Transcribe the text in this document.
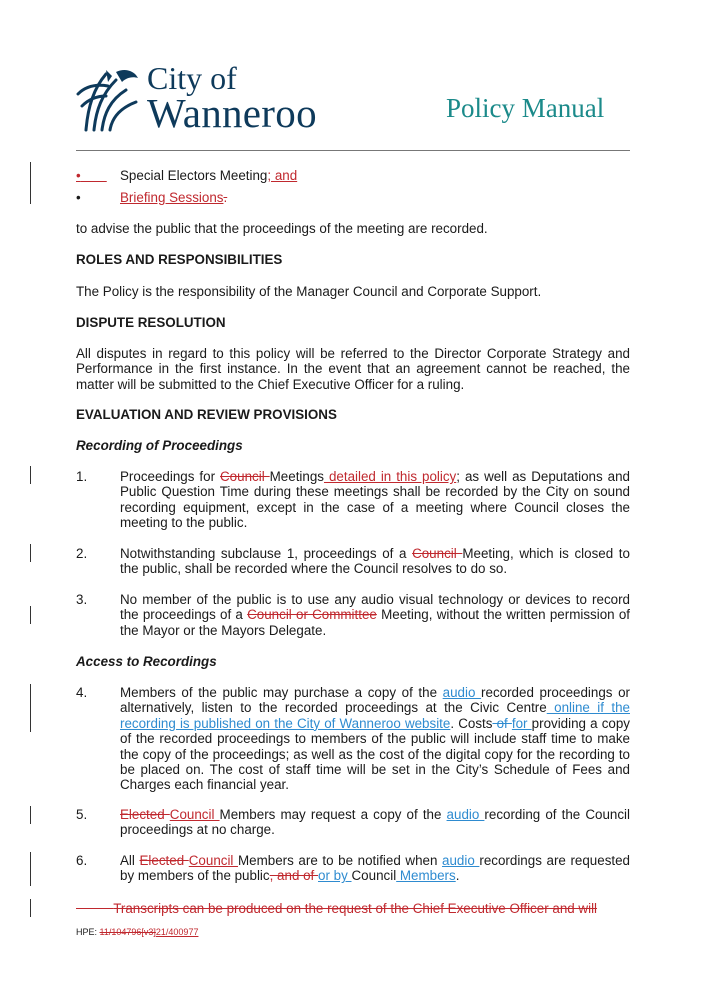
City of
Wanneroo	Policy Manual
•	Special Electors Meeting; and
•	Briefing Sessions.
to advise the public that the proceedings of the meeting are recorded.
ROLES AND RESPONSIBILITIES
The Policy is the responsibility of the Manager Council and Corporate Support.
DISPUTE RESOLUTION
All disputes in regard to this policy will be referred to the Director Corporate Strategy and Performance in the first instance. In the event that an agreement cannot be reached, the matter will be submitted to the Chief Executive Officer for a ruling.
EVALUATION AND REVIEW PROVISIONS
Recording of Proceedings
1.	Proceedings for Council Meetings detailed in this policy; as well as Deputations and Public Question Time during these meetings shall be recorded by the City on sound recording equipment, except in the case of a meeting where Council closes the meeting to the public.
2.	Notwithstanding subclause 1, proceedings of a Council Meeting, which is closed to the public, shall be recorded where the Council resolves to do so.
3.	No member of the public is to use any audio visual technology or devices to record the proceedings of a Council or Committee Meeting, without the written permission of the Mayor or the Mayors Delegate.
Access to Recordings
4.	Members of the public may purchase a copy of the audio recorded proceedings or alternatively, listen to the recorded proceedings at the Civic Centre online if the recording is published on the City of Wanneroo website. Costs of for providing a copy of the recorded proceedings to members of the public will include staff time to make the copy of the proceedings; as well as the cost of the digital copy for the recording to be placed on. The cost of staff time will be set in the City’s Schedule of Fees and Charges each financial year.
5.	Elected Council Members may request a copy of the audio recording of the Council proceedings at no charge.
6.	All Elected Council Members are to be notified when audio recordings are requested by members of the public, and of or by Council Members.
Transcripts can be produced on the request of the Chief Executive Officer and will
HPE: 11/104796[v3]21/400977
